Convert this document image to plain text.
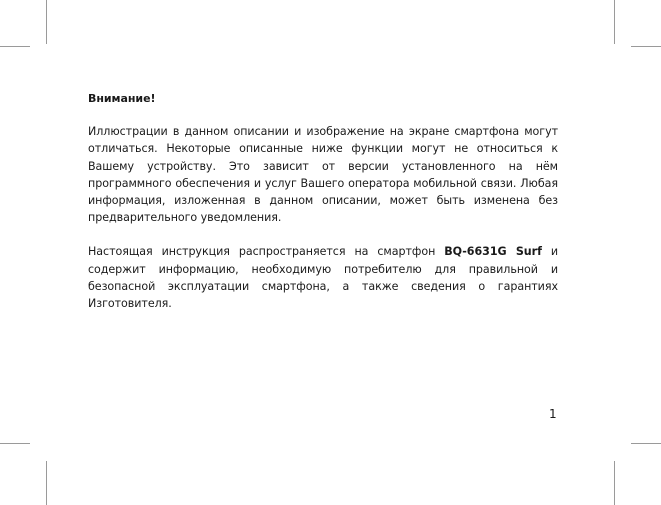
Внимание!

Иллюстрации в данном описании и изображение на экране смартфона могут отличаться. Некоторые описанные ниже функции могут не относиться к Вашему устройству. Это зависит от версии установленного на нём программного обеспечения и услуг Вашего оператора мобильной связи. Любая информация, изложенная в данном описании, может быть изменена без предварительного уведомления.

Настоящая инструкция распространяется на смартфон BQ-6631G Surf и содержит информацию, необходимую потребителю для правильной и безопасной эксплуатации смартфона, а также сведения о гарантиях Изготовителя.

1
